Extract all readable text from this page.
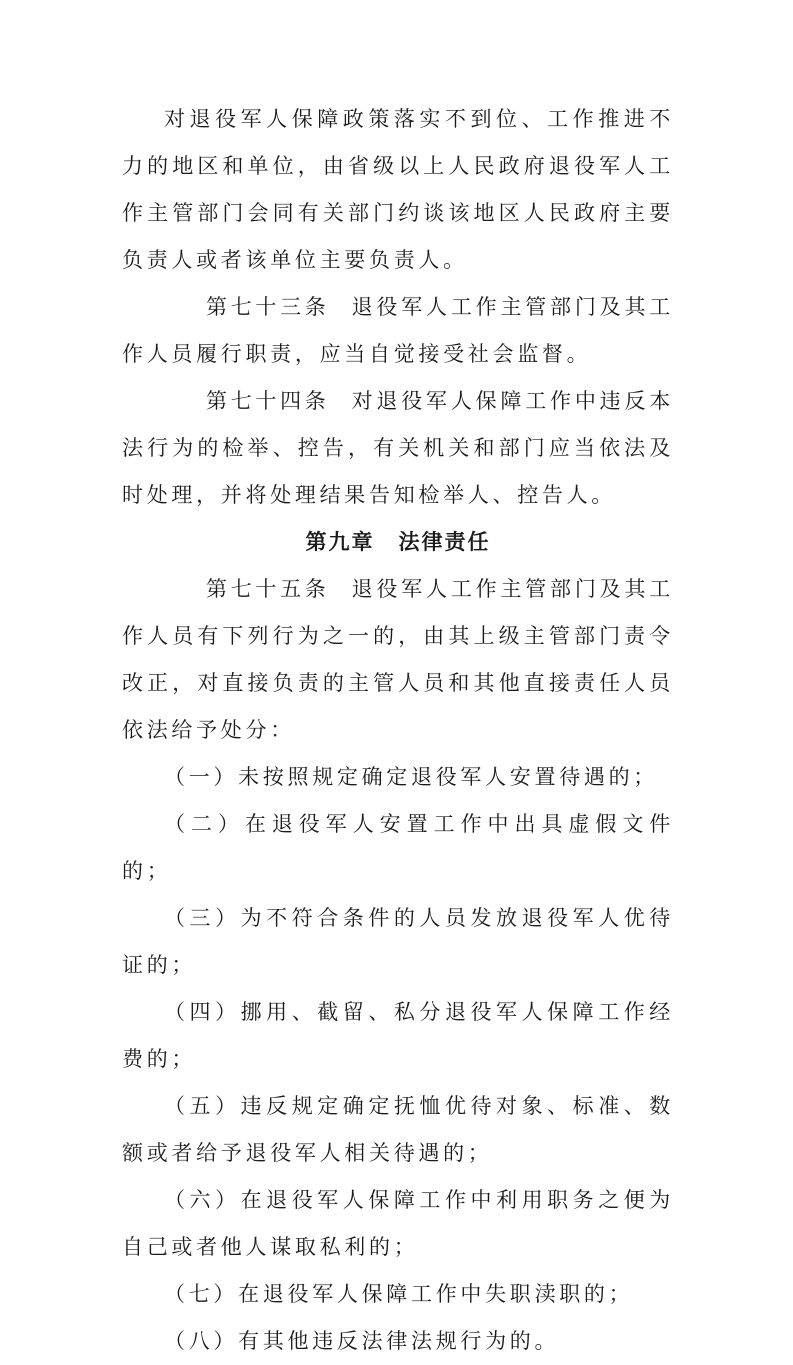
对退役军人保障政策落实不到位、工作推进不力的地区和单位，由省级以上人民政府退役军人工作主管部门会同有关部门约谈该地区人民政府主要负责人或者该单位主要负责人。

第七十三条 退役军人工作主管部门及其工作人员履行职责，应当自觉接受社会监督。

第七十四条 对退役军人保障工作中违反本法行为的检举、控告，有关机关和部门应当依法及时处理，并将处理结果告知检举人、控告人。

第九章 法律责任

第七十五条 退役军人工作主管部门及其工作人员有下列行为之一的，由其上级主管部门责令改正，对直接负责的主管人员和其他直接责任人员依法给予处分：

（一）未按照规定确定退役军人安置待遇的；

（二）在退役军人安置工作中出具虚假文件的；

（三）为不符合条件的人员发放退役军人优待证的；

（四）挪用、截留、私分退役军人保障工作经费的；

（五）违反规定确定抚恤优待对象、标准、数额或者给予退役军人相关待遇的；

（六）在退役军人保障工作中利用职务之便为自己或者他人谋取私利的；

（七）在退役军人保障工作中失职渎职的；

（八）有其他违反法律法规行为的。
